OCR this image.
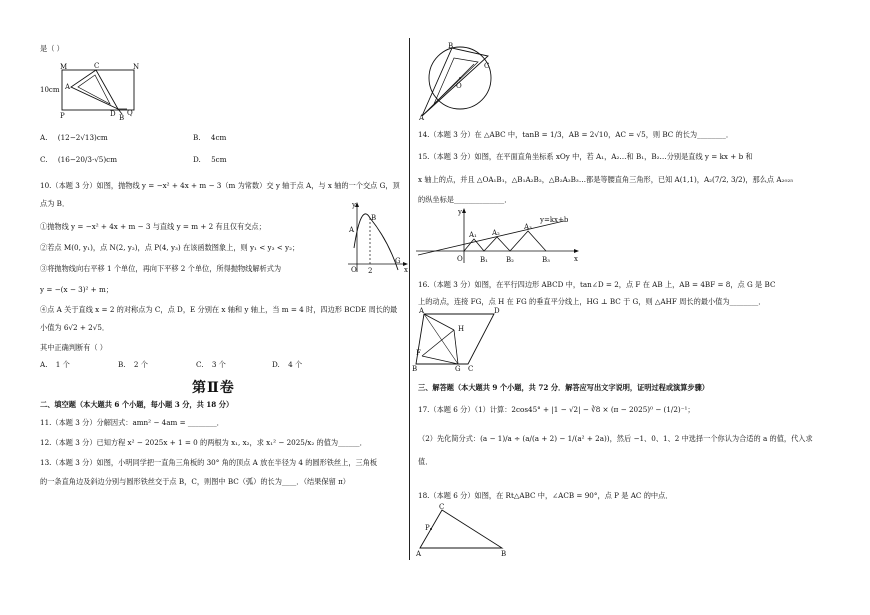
是（ ）
M	C	N
A
10cm
P	D Q
B
A. (12−2√13)cm	B. 4cm
C. (16−20/3·√5)cm	D. 5cm
10.（本题 3 分）如图，抛物线 y = −x² + 4x + m − 3（m 为常数）交 y 轴于点 A，与 x 轴的一个交点 G，顶
点为 B．
①抛物线 y = −x² + 4x + m − 3 与直线 y = m + 2 有且仅有交点；
②若点 M(0, y₁)，点 N(2, y₂)，点 P(4, y₃) 在该函数图象上，则 y₁ < y₃ < y₂；
③将抛物线向右平移 1 个单位，再向下平移 2 个单位，所得抛物线解析式为
y = −(x − 3)² + m；
④点 A 关于直线 x = 2 的对称点为 C，点 D，E 分别在 x 轴和 y 轴上，当 m = 4 时，四边形 BCDE 周长的最
小值为 6√2 + 2√5．
其中正确判断有（ ）
y
x
B
A
G
O 2
A. 1 个	B. 2 个	C. 3 个	D. 4 个
第Ⅱ卷
二、填空题（本大题共 6 个小题，每小题 3 分，共 18 分）
11.（本题 3 分）分解因式：amn² − 4am = ________．
12.（本题 3 分）已知方程 x² − 2025x + 1 = 0 的两根为 x₁, x₂，求 x₁² − 2025/x₂ 的值为______．
13.（本题 3 分）如图，小明同学把一直角三角板的 30° 角的顶点 A 放在半径为 4 的圆形铁丝上，三角板
的一条直角边及斜边分别与圆形铁丝交于点 B，C，则图中 BC（弧）的长为____．（结果保留 π）
B
C
O
A
14.（本题 3 分）在 △ABC 中，tanB = 1/3，AB = 2√10，AC = √5，则 BC 的长为________．
15.（本题 3 分）如图，在平面直角坐标系 xOy 中，若 A₁，A₂…和 B₁，B₂…分别是直线 y = kx + b 和
x 轴上的点，并且 △OA₁B₁，△B₁A₂B₂，△B₂A₃B₃…都是等腰直角三角形，已知 A(1,1)，A₂(7/2, 3/2)，那么点 A₂₀₂₅
的纵坐标是______________．
y
x
O
y=kx+b
A₁ A₂
A₃
B₁	B₂	B₃
16.（本题 3 分）如图，在平行四边形 ABCD 中，tan∠D = 2，点 F 在 AB 上，AB = 4BF = 8，点 G 是 BC
上的动点，连接 FG，点 H 在 FG 的垂直平分线上，HG ⊥ BC 于 G，则 △AHF 周长的最小值为________．
A	D
H
F
G
B	C
三、解答题（本大题共 9 个小题，共 72 分．解答应写出文字说明，证明过程或演算步骤）
17.（本题 6 分）（1）计算：2cos45° + |1 − √2| − ∛8 × (π − 2025)⁰ − (1/2)⁻¹；
（2）先化简分式：(a − 1)/a ÷ (a/(a + 2) − 1/(a² + 2a))，然后 −1、0、1、2 中选择一个你认为合适的 a 的值，代入求
值．
18.（本题 6 分）如图，在 Rt△ABC 中，∠ACB = 90°，点 P 是 AC 的中点．
C
P
A	B
